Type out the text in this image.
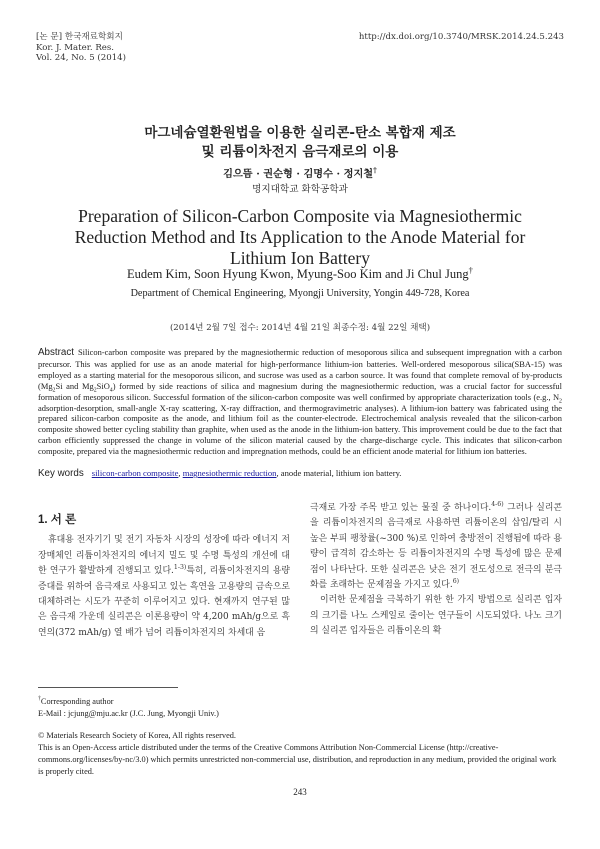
[논 문] 한국재료학회지
Kor. J. Mater. Res.
Vol. 24, No. 5 (2014)
http://dx.doi.org/10.3740/MRSK.2014.24.5.243
마그네슘열환원법을 이용한 실리콘-탄소 복합재 제조
및 리튬이차전지 음극재로의 이용
김으뜸 · 권순형 · 김명수 · 정지철†
명지대학교 화학공학과
Preparation of Silicon-Carbon Composite via Magnesiothermic
Reduction Method and Its Application to the Anode Material for
Lithium Ion Battery
Eudem Kim, Soon Hyung Kwon, Myung-Soo Kim and Ji Chul Jung†
Department of Chemical Engineering, Myongji University, Yongin 449-728, Korea
(2014년 2월 7일 접수: 2014년 4월 21일 최종수정: 4월 22일 채택)
Abstract Silicon-carbon composite was prepared by the magnesiothermic reduction of mesoporous silica and subsequent impregnation with a carbon precursor. This was applied for use as an anode material for high-performance lithium-ion batteries. Well-ordered mesoporous silica(SBA-15) was employed as a starting material for the mesoporous silicon, and sucrose was used as a carbon source. It was found that complete removal of by-products ($Mg_2Si$ and $Mg_2SiO_4$) formed by side reactions of silica and magnesium during the magnesiothermic reduction, was a crucial factor for successful formation of mesoporous silicon. Successful formation of the silicon-carbon composite was well confirmed by appropriate characterization tools (e.g., $N_2$ adsorption-desorption, small-angle X-ray scattering, X-ray diffraction, and thermogravimetric analyses). A lithium-ion battery was fabricated using the prepared silicon-carbon composite as the anode, and lithium foil as the counter-electrode. Electrochemical analysis revealed that the silicon-carbon composite showed better cycling stability than graphite, when used as the anode in the lithium-ion battery. This improvement could be due to the fact that carbon efficiently suppressed the change in volume of the silicon material caused by the charge-discharge cycle. This indicates that silicon-carbon composite, prepared via the magnesiothermic reduction and impregnation methods, could be an efficient anode material for lithium ion batteries.
Key words silicon-carbon composite, magnesiothermic reduction, anode material, lithium ion battery.
1. 서 론

휴대용 전자기기 및 전기 자동차 시장의 성장에 따라 에너지 저장매체인 리튬이차전지의 에너지 밀도 및 수명 특성의 개선에 대한 연구가 활발하게 진행되고 있다.$^{1-3)}$특히, 리튬이차전지의 용량 증대를 위하여 음극재로 사용되고 있는 흑연을 고용량의 금속으로 대체하려는 시도가 꾸준히 이루어지고 있다. 현재까지 연구된 많은 음극재 가운데 실리콘은 이론용량이 약 4,200 mAh/g으로 흑연의(372 mAh/g) 열 배가 넘어 리튬이차전지의 차세대 음

극재로 가장 주목 받고 있는 물질 중 하나이다.$^{4-6)}$ 그러나 실리콘을 리튬이차전지의 음극재로 사용하면 리튬이온의 삽입/탈리 시 높은 부피 팽창률(~300 %)로 인하여 충방전이 진행됨에 따라 용량이 급격히 감소하는 등 리튬이차전지의 수명 특성에 많은 문제점이 나타난다. 또한 실리콘은 낮은 전기 전도성으로 전극의 분극화를 초래하는 문제점을 가지고 있다.$^{6)}$

이러한 문제점을 극복하기 위한 한 가지 방법으로 실리콘 입자의 크기를 나노 스케일로 줄이는 연구들이 시도되었다. 나노 크기의 실리콘 입자들은 리튬이온의 확

†Corresponding author
E-Mail : jcjung@mju.ac.kr (J.C. Jung, Myongji Univ.)
© Materials Research Society of Korea, All rights reserved.
This is an Open-Access article distributed under the terms of the Creative Commons Attribution Non-Commercial License (http://creative-commons.org/licenses/by-nc/3.0) which permits unrestricted non-commercial use, distribution, and reproduction in any medium, provided the original work is properly cited.
243
